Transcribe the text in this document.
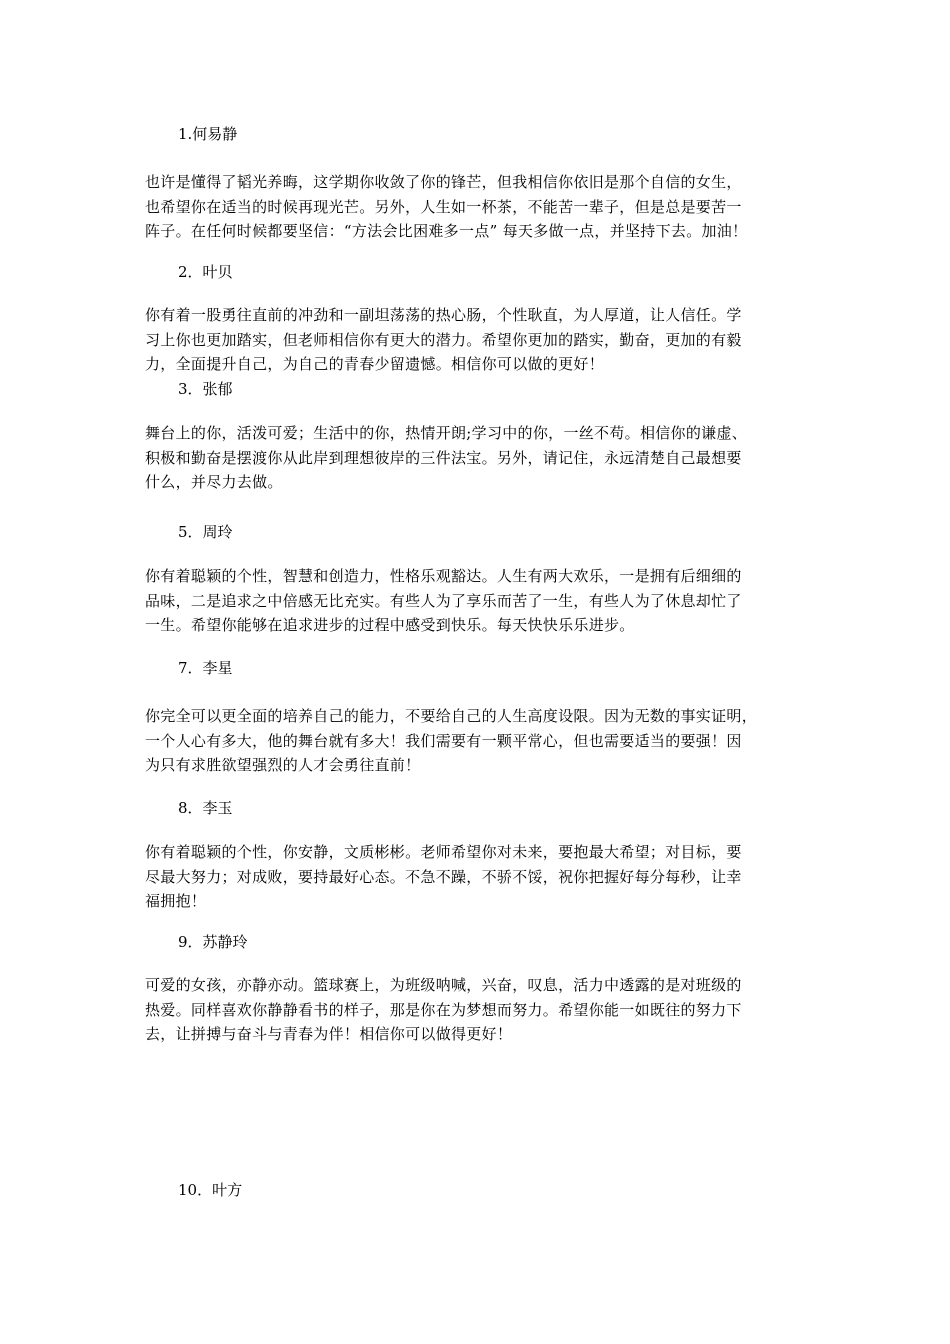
1.何易静

也许是懂得了韬光养晦，这学期你收敛了你的锋芒，但我相信你依旧是那个自信的女生，

也希望你在适当的时候再现光芒。另外，人生如一杯茶，不能苦一辈子，但是总是要苦一

阵子。在任何时候都要坚信：“方法会比困难多一点” 每天多做一点，并坚持下去。加油！

2．叶贝

你有着一股勇往直前的冲劲和一副坦荡荡的热心肠，个性耿直，为人厚道，让人信任。学

习上你也更加踏实，但老师相信你有更大的潜力。希望你更加的踏实，勤奋，更加的有毅

力，全面提升自己，为自己的青春少留遗憾。相信你可以做的更好！

3．张郁

舞台上的你，活泼可爱；生活中的你，热情开朗;学习中的你，一丝不苟。相信你的谦虚、

积极和勤奋是摆渡你从此岸到理想彼岸的三件法宝。另外，请记住，永远清楚自己最想要

什么，并尽力去做。

5．周玲

你有着聪颖的个性，智慧和创造力，性格乐观豁达。人生有两大欢乐，一是拥有后细细的

品味，二是追求之中倍感无比充实。有些人为了享乐而苦了一生，有些人为了休息却忙了

一生。希望你能够在追求进步的过程中感受到快乐。每天快快乐乐进步。

7．李星

你完全可以更全面的培养自己的能力，不要给自己的人生高度设限。因为无数的事实证明，

一个人心有多大，他的舞台就有多大！我们需要有一颗平常心，但也需要适当的要强！因

为只有求胜欲望强烈的人才会勇往直前！

8．李玉

你有着聪颖的个性，你安静，文质彬彬。老师希望你对未来，要抱最大希望；对目标，要

尽最大努力；对成败，要持最好心态。不急不躁，不骄不馁，祝你把握好每分每秒，让幸

福拥抱！

9．苏静玲

可爱的女孩，亦静亦动。篮球赛上，为班级呐喊，兴奋，叹息，活力中透露的是对班级的

热爱。同样喜欢你静静看书的样子，那是你在为梦想而努力。希望你能一如既往的努力下

去，让拼搏与奋斗与青春为伴！相信你可以做得更好！

10．叶方
